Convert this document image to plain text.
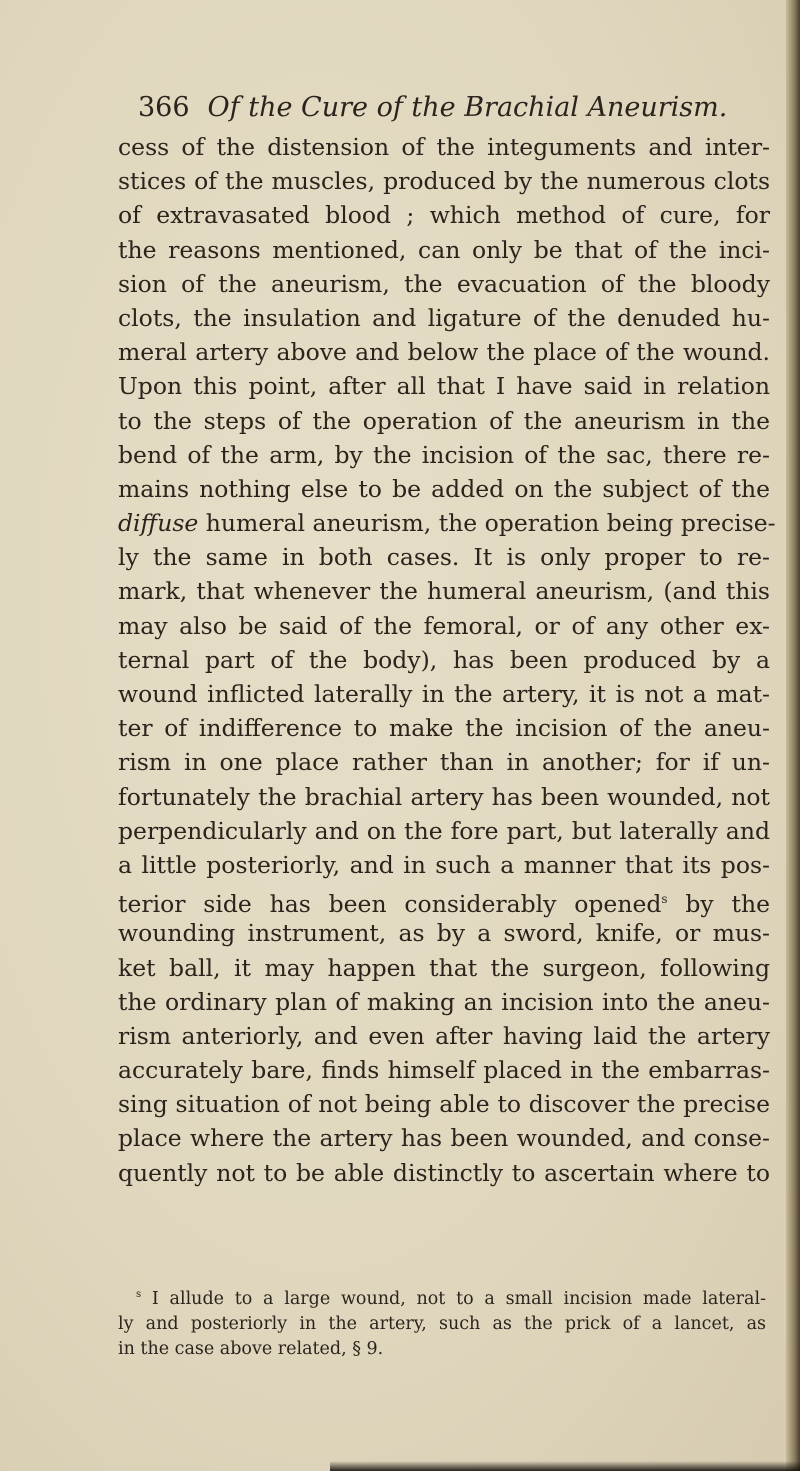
366 Of the Cure of the Brachial Aneurism.
cess of the distension of the integuments and inter-
stices of the muscles, produced by the numerous clots
of extravasated blood ; which method of cure, for
the reasons mentioned, can only be that of the inci-
sion of the aneurism, the evacuation of the bloody
clots, the insulation and ligature of the denuded hu-
meral artery above and below the place of the wound.
Upon this point, after all that I have said in relation
to the steps of the operation of the aneurism in the
bend of the arm, by the incision of the sac, there re-
mains nothing else to be added on the subject of the
diffuse humeral aneurism, the operation being precise-
ly the same in both cases. It is only proper to re-
mark, that whenever the humeral aneurism, (and this
may also be said of the femoral, or of any other ex-
ternal part of the body), has been produced by a
wound inflicted laterally in the artery, it is not a mat-
ter of indifference to make the incision of the aneu-
rism in one place rather than in another; for if un-
fortunately the brachial artery has been wounded, not
perpendicularly and on the fore part, but laterally and
a little posteriorly, and in such a manner that its pos-
terior side has been considerably opened$^s$ by the
wounding instrument, as by a sword, knife, or mus-
ket ball, it may happen that the surgeon, following
the ordinary plan of making an incision into the aneu-
rism anteriorly, and even after having laid the artery
accurately bare, finds himself placed in the embarras-
sing situation of not being able to discover the precise
place where the artery has been wounded, and conse-
quently not to be able distinctly to ascertain where to
$^s$ I allude to a large wound, not to a small incision made lateral-
ly and posteriorly in the artery, such as the prick of a lancet, as
in the case above related, § 9.
